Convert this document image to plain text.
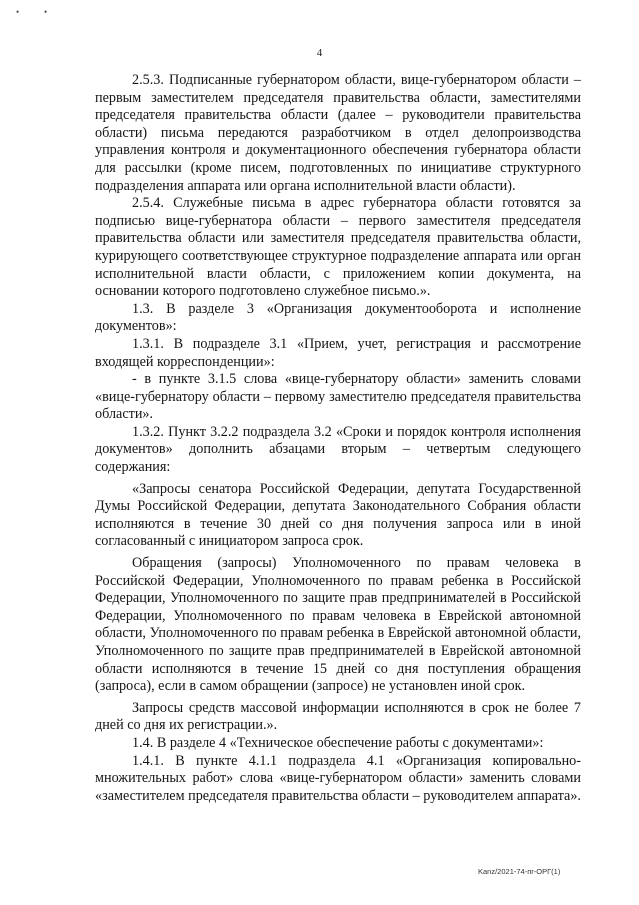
•	•
4

2.5.3. Подписанные губернатором области, вице-губернатором области – первым заместителем председателя правительства области, заместителями председателя правительства области (далее – руководители правительства области) письма передаются разработчиком в отдел делопроизводства управления контроля и документационного обеспечения губернатора области для рассылки (кроме писем, подготовленных по инициативе структурного подразделения аппарата или органа исполнительной власти области).

2.5.4. Служебные письма в адрес губернатора области готовятся за подписью вице-губернатора области – первого заместителя председателя правительства области или заместителя председателя правительства области, курирующего соответствующее структурное подразделение аппарата или орган исполнительной власти области, с приложением копии документа, на основании которого подготовлено служебное письмо.».

1.3. В разделе 3 «Организация документооборота и исполнение документов»:

1.3.1. В подразделе 3.1 «Прием, учет, регистрация и рассмотрение входящей корреспонденции»:

- в пункте 3.1.5 слова «вице-губернатору области» заменить словами «вице-губернатору области – первому заместителю председателя правительства области».

1.3.2. Пункт 3.2.2 подраздела 3.2 «Сроки и порядок контроля исполнения документов» дополнить абзацами вторым – четвертым следующего содержания:

«Запросы сенатора Российской Федерации, депутата Государственной Думы Российской Федерации, депутата Законодательного Собрания области исполняются в течение 30 дней со дня получения запроса или в иной согласованный с инициатором запроса срок.

Обращения (запросы) Уполномоченного по правам человека в Российской Федерации, Уполномоченного по правам ребенка в Российской Федерации, Уполномоченного по защите прав предпринимателей в Российской Федерации, Уполномоченного по правам человека в Еврейской автономной области, Уполномоченного по правам ребенка в Еврейской автономной области, Уполномоченного по защите прав предпринимателей в Еврейской автономной области исполняются в течение 15 дней со дня поступления обращения (запроса), если в самом обращении (запросе) не установлен иной срок.

Запросы средств массовой информации исполняются в срок не более 7 дней со дня их регистрации.».

1.4. В разделе 4 «Техническое обеспечение работы с документами»:

1.4.1. В пункте 4.1.1 подраздела 4.1 «Организация копировально-множительных работ» слова «вице-губернатором области» заменить словами «заместителем председателя правительства области – руководителем аппарата».

Kanz/2021-74-пr-OPГ(1)
